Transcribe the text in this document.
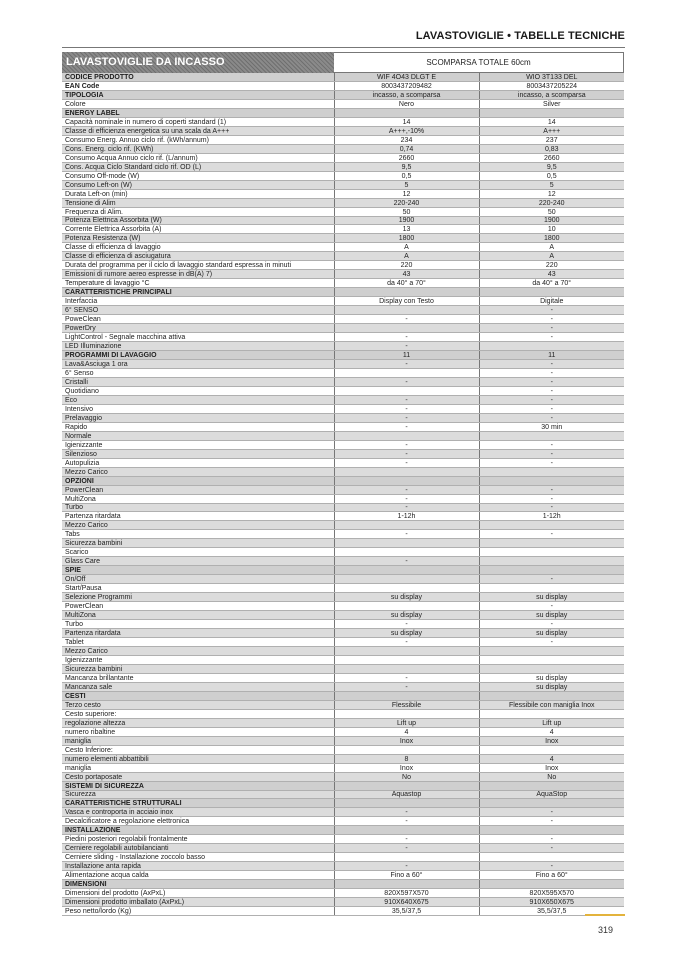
LAVASTOVIGLIE • TABELLE TECNICHE
LAVASTOVIGLIE DA INCASSO	SCOMPARSA TOTALE 60cm
CODICE PRODOTTO	WIF 4O43 DLGT E	WIO 3T133 DEL
EAN Code	8003437209482	8003437205224
TIPOLOGIA	incasso, a scomparsa	incasso, a scomparsa
Colore	Nero	Silver
ENERGY LABEL		
Capacità nominale in numero di coperti standard (1)	14	14
Classe di efficienza energetica su una scala da A+++	A+++,-10%	A+++
Consumo Energ. Annuo ciclo rif. (kWh/annum)	234	237
Cons. Energ. ciclo rif. (KWh)	0,74	0,83
Consumo Acqua Annuo ciclo rif. (L/annum)	2660	2660
Cons. Acqua Ciclo Standard ciclo rif. OD (L)	9,5	9,5
Consumo Off-mode (W)	0,5	0,5
Consumo Left-on (W)	5	5
Durata Left-on (min)	12	12
Tensione di Alim	220-240	220-240
Frequenza di Alim.	50	50
Potenza Elettrica Assorbita (W)	1900	1900
Corrente Elettrica Assorbita (A)	13	10
Potenza Resistenza (W)	1800	1800
Classe di efficienza di lavaggio	A	A
Classe di efficienza di asciugatura	A	A
Durata del programma per il ciclo di lavaggio standard espressa in minuti	220	220
Emissioni di rumore aereo espresse in dB(A) 7)	43	43
Temperature di lavaggio °C	da 40° a 70°	da 40° a 70°
CARATTERISTICHE PRINCIPALI		
Interfaccia	Display con Testo	Digitale
6° SENSO		-
PoweClean	-	-
PowerDry		-
LightControl - Segnale macchina attiva	-	-
LED Illuminazione	-	
PROGRAMMI DI LAVAGGIO	11	11
Lava&Asciuga 1 ora	-	-
6° Senso		-
Cristalli	-	-
Quotidiano		-
Eco	-	-
Intensivo	-	-
Prelavaggio	-	-
Rapido	-	30 min
Normale		
Igienizzante	-	-
Silenzioso	-	-
Autopulizia	-	-
Mezzo Carico		
OPZIONI		
PowerClean	-	-
MultiZona	-	-
Turbo	-	-
Partenza ritardata	1-12h	1-12h
Mezzo Carico		
Tabs	-	-
Sicurezza bambini		
Scarico		
Glass Care	-	
SPIE		
On/Off		-
Start/Pausa		
Selezione Programmi	su display	su display
PowerClean		-
MultiZona	su display	su display
Turbo	-	-
Partenza ritardata	su display	su display
Tablet	-	-
Mezzo Carico		
Igienizzante		
Sicurezza bambini		
Mancanza brillantante	-	su display
Mancanza sale	-	su display
CESTI		
Terzo cesto	Flessibile	Flessibile con maniglia Inox
Cesto superiore:		
regolazione altezza	Lift up	Lift up
numero ribaltine	4	4
maniglia	Inox	Inox
Cesto Inferiore:		
numero elementi abbattibili	8	4
maniglia	Inox	Inox
Cesto portaposate	No	No
SISTEMI DI SICUREZZA		
Sicurezza	Aquastop	AquaStop
CARATTERISTICHE STRUTTURALI		
Vasca e controporta in acciaio inox	-	-
Decalcificatore a regolazione elettronica	-	-
INSTALLAZIONE		
Piedini posteriori regolabili frontalmente	-	-
Cerniere regolabili autobilancianti	-	-
Cerniere sliding - Installazione zoccolo basso		
Installazione anta rapida	-	-
Alimentazione acqua calda	Fino a 60°	Fino a 60°
DIMENSIONI		
Dimensioni del prodotto (AxPxL)	820X597X570	820X595X570
Dimensioni prodotto imballato (AxPxL)	910X640X675	910X650X675
Peso netto/lordo (Kg)	35,5/37,5	35,5/37,5
319
